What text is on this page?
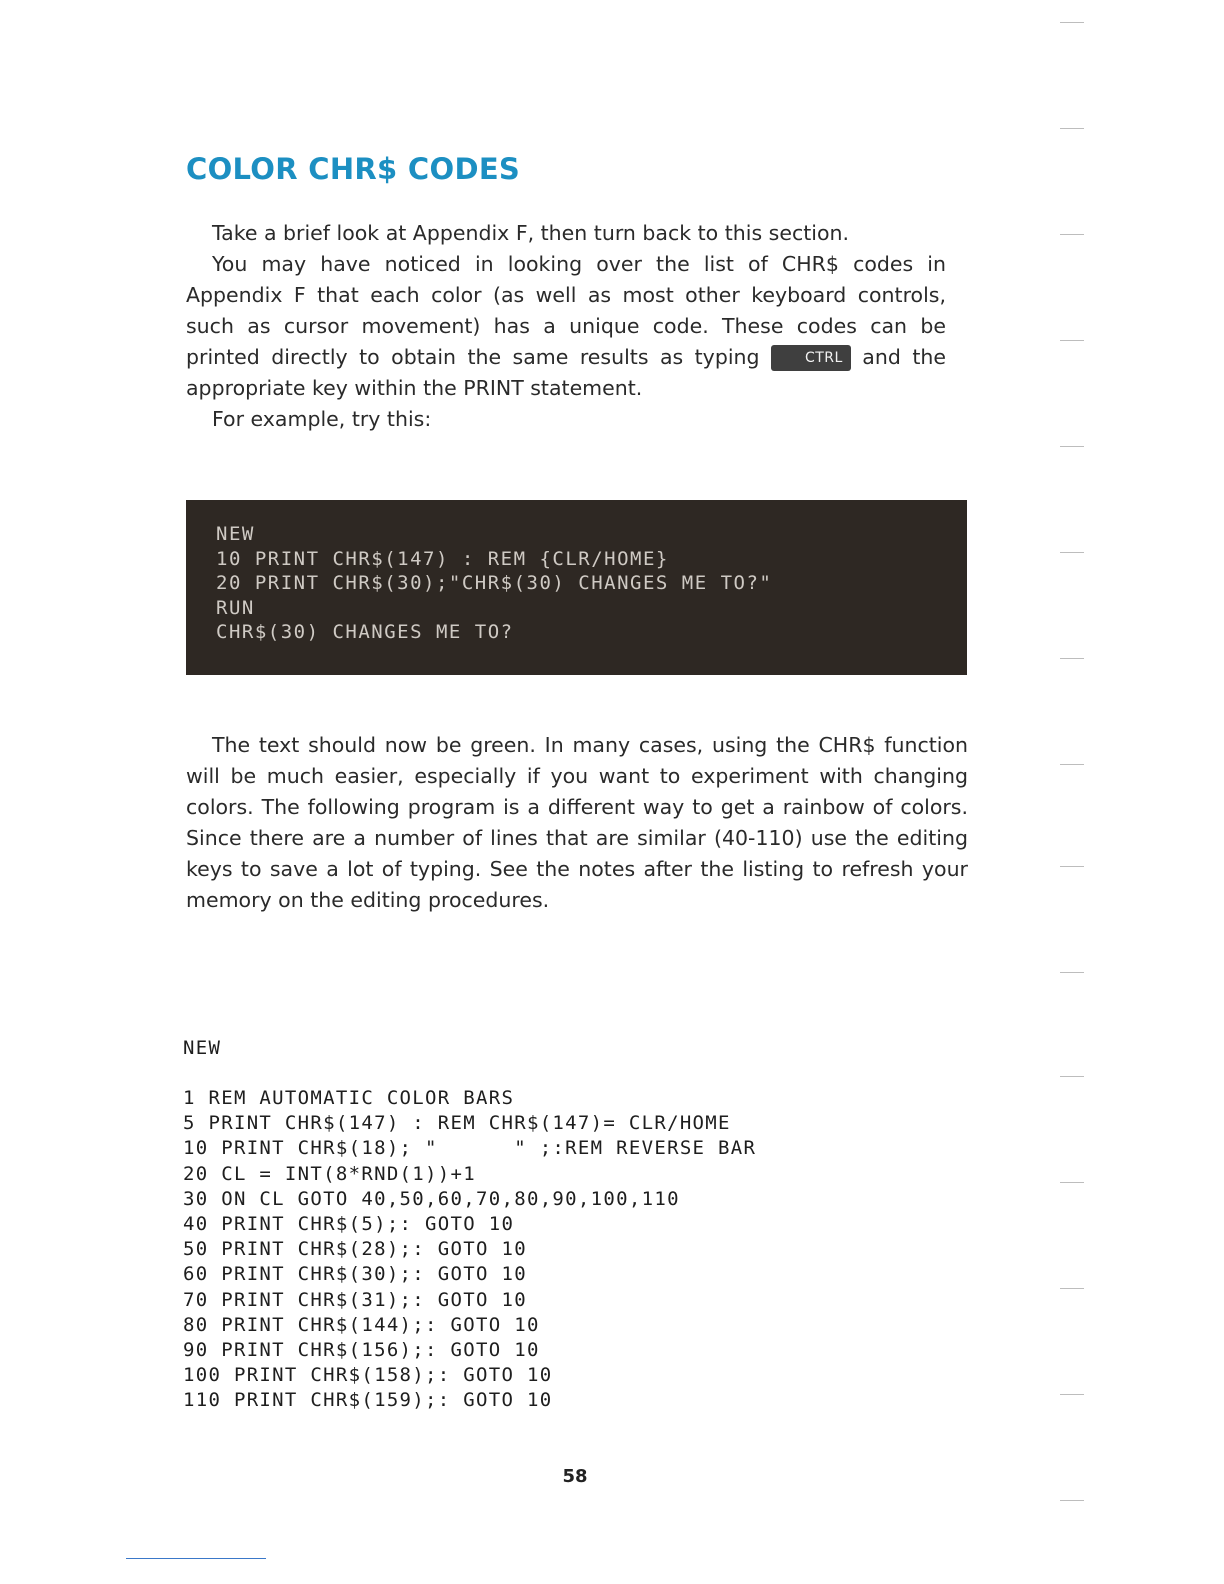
COLOR CHR$ CODES

Take a brief look at Appendix F, then turn back to this section.

You may have noticed in looking over the list of CHR$ codes in Appendix F that each color (as well as most other keyboard controls, such as cursor movement) has a unique code. These codes can be printed directly to obtain the same results as typing	CTRL and the appropriate key within the PRINT statement.

For example, try this:

NEW
10 PRINT CHR$(147) : REM {CLR/HOME}
20 PRINT CHR$(30);"CHR$(30) CHANGES ME TO?"
RUN
CHR$(30) CHANGES ME TO?

The text should now be green. In many cases, using the CHR$ function will be much easier, especially if you want to experiment with changing colors. The following program is a different way to get a rainbow of colors. Since there are a number of lines that are similar (40-110) use the editing keys to save a lot of typing. See the notes after the listing to refresh your memory on the editing procedures.

NEW
1 REM AUTOMATIC COLOR BARS
5 PRINT CHR$(147) : REM CHR$(147)= CLR/HOME
10 PRINT CHR$(18); "      " ;:REM REVERSE BAR
20 CL = INT(8*RND(1))+1
30 ON CL GOTO 40,50,60,70,80,90,100,110
40 PRINT CHR$(5);: GOTO 10
50 PRINT CHR$(28);: GOTO 10
60 PRINT CHR$(30);: GOTO 10
70 PRINT CHR$(31);: GOTO 10
80 PRINT CHR$(144);: GOTO 10
90 PRINT CHR$(156);: GOTO 10
100 PRINT CHR$(158);: GOTO 10
110 PRINT CHR$(159);: GOTO 10
58
